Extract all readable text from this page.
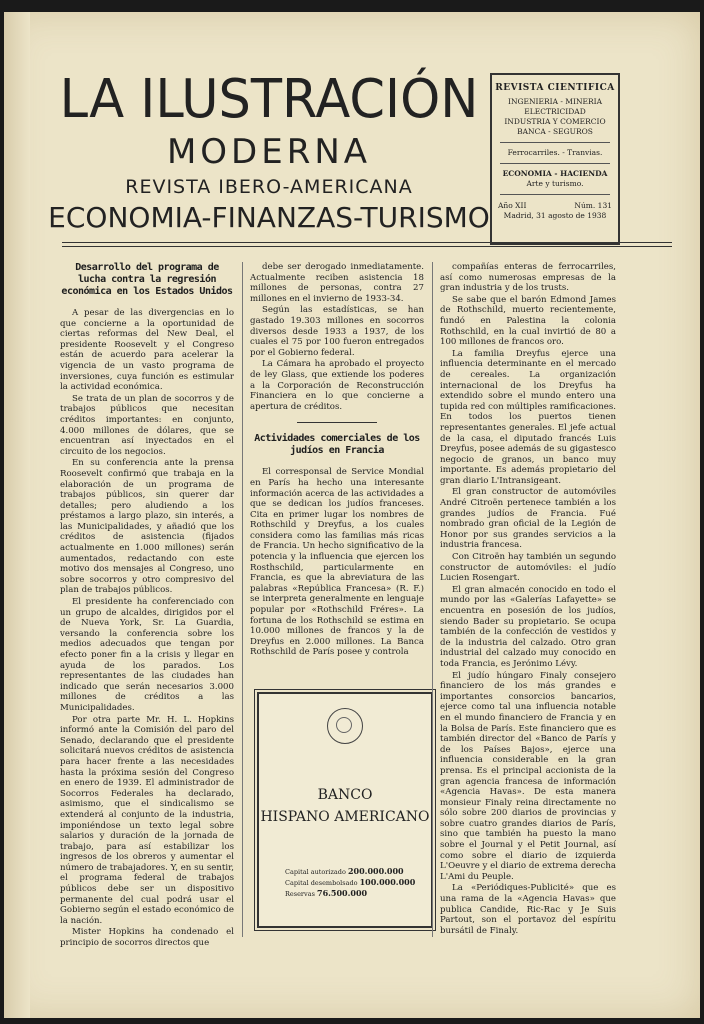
LA ILUSTRACIÓN
MODERNA
REVISTA IBERO-AMERICANA
ECONOMIA-FINANZAS-TURISMO
REVISTA CIENTIFICA
INGENIERIA - MINERIA
ELECTRICIDAD
INDUSTRIA Y COMERCIO
BANCA - SEGUROS
Ferrocarriles. - Tranvias.
ECONOMIA - HACIENDA
Arte y turismo.
Año XII	Núm. 131
Madrid, 31 agosto de 1938

Desarrollo del programa de lucha contra la regresión económica en los Estados Unidos

A pesar de las divergencias en lo que concierne a la oportunidad de ciertas reformas del New Deal, el presidente Roosevelt y el Congreso están de acuerdo para acelerar la vigencia de un vasto programa de inversiones, cuya función es estimular la actividad económica.

Se trata de un plan de socorros y de trabajos públicos que necesitan créditos importantes: en conjunto, 4.000 millones de dólares, que se encuentran así inyectados en el circuito de los negocios.

En su conferencia ante la prensa Roosevelt confirmó que trabaja en la elaboración de un programa de trabajos públicos, sin querer dar detalles; pero aludiendo a los préstamos a largo plazo, sin interés, a las Municipalidades, y añadió que los créditos de asistencia (fijados actualmente en 1.000 millones) serán aumentados, redactando con este motivo dos mensajes al Congreso, uno sobre socorros y otro compresivo del plan de trabajos públicos.

El presidente ha conferenciado con un grupo de alcaldes, dirigidos por el de Nueva York, Sr. La Guardia, versando la conferencia sobre los medios adecuados que tengan por efecto poner fin a la crisis y llegar en ayuda de los parados. Los representantes de las ciudades han indicado que serán necesarios 3.000 millones de créditos a las Municipalidades.

Por otra parte Mr. H. L. Hopkins informó ante la Comisión del paro del Senado, declarando que el presidente solicitará nuevos créditos de asistencia para hacer frente a las necesidades hasta la próxima sesión del Congreso en enero de 1939. El administrador de Socorros Federales ha declarado, asimismo, que el sindicalismo se extenderá al conjunto de la industria, imponiéndose un texto legal sobre salarios y duración de la jornada de trabajo, para así estabilizar los ingresos de los obreros y aumentar el número de trabajadores. Y, en su sentir, el programa federal de trabajos públicos debe ser un dispositivo permanente del cual podrá usar el Gobierno según el estado económico de la nación.

Mister Hopkins ha condenado el principio de socorros directos que

debe ser derogado inmediatamente. Actualmente reciben asistencia 18 millones de personas, contra 27 millones en el invierno de 1933-34.

Según las estadísticas, se han gastado 19.303 millones en socorros diversos desde 1933 a 1937, de los cuales el 75 por 100 fueron entregados por el Gobierno federal.

La Cámara ha aprobado el proyecto de ley Glass, que extiende los poderes a la Corporación de Reconstrucción Financiera en lo que concierne a apertura de créditos.

Actividades comerciales de los judíos en Francia

El corresponsal de Service Mondial en París ha hecho una interesante información acerca de las actividades a que se dedican los judíos franceses. Cita en primer lugar los nombres de Rothschild y Dreyfus, a los cuales considera como las familias más ricas de Francia. Un hecho significativo de la potencia y la influencia que ejercen los Rosthschild, particularmente en Francia, es que la abreviatura de las palabras «República Francesa» (R. F.) se interpreta generalmente en lenguaje popular por «Rothschild Fréres». La fortuna de los Rothschild se estima en 10.000 millones de francos y la de Dreyfus en 2.000 millones. La Banca Rothschild de París posee y controla

BANCO
HISPANO AMERICANO
Capital autorizado 200.000.000
Capital desembolsado 100.000.000
Reservas 76.500.000

compañías enteras de ferrocarriles, así como numerosas empresas de la gran industria y de los trusts.

Se sabe que el barón Edmond James de Rothschild, muerto recientemente, fundó en Palestina la colonia Rothschild, en la cual invirtió de 80 a 100 millones de francos oro.

La familia Dreyfus ejerce una influencia determinante en el mercado de cereales. La organización internacional de los Dreyfus ha extendido sobre el mundo entero una tupida red con múltiples ramificaciones. En todos los puertos tienen representantes generales. El jefe actual de la casa, el diputado francés Luis Dreyfus, posee además de su gigastesco negocio de granos, un banco muy importante. Es además propietario del gran diario L'Intransigeant.

El gran constructor de automóviles André Citroën pertenece también a los grandes judíos de Francia. Fué nombrado gran oficial de la Legión de Honor por sus grandes servicios a la industria francesa.

Con Citroën hay también un segundo constructor de automóviles: el judío Lucien Rosengart.

El gran almacén conocido en todo el mundo por las «Galerías Lafayette» se encuentra en posesión de los judíos, siendo Bader su propietario. Se ocupa también de la confección de vestidos y de la industria del calzado. Otro gran industrial del calzado muy conocido en toda Francia, es Jerónimo Lévy.

El judío húngaro Finaly consejero financiero de los más grandes e importantes consorcios bancarios, ejerce como tal una influencia notable en el mundo financiero de Francia y en la Bolsa de París. Este financiero que es también director del «Banco de París y de los Países Bajos», ejerce una influencia considerable en la gran prensa. Es el principal accionista de la gran agencia francesa de información «Agencia Havas». De esta manera monsieur Finaly reina directamente no sólo sobre 200 diarios de provincias y sobre cuatro grandes diarios de París, sino que también ha puesto la mano sobre el Journal y el Petit Journal, así como sobre el diario de izquierda L'Oeuvre y el diario de extrema derecha L'Ami du Peuple.

La «Periódiques-Publicité» que es una rama de la «Agencia Havas» que publica Candide, Ric-Rac y Je Suis Partout, son el portavoz del espíritu bursátil de Finaly.
